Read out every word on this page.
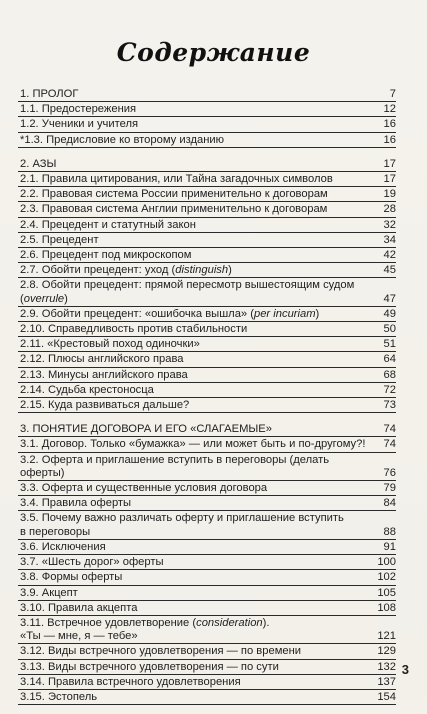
Содержание
1. ПРОЛОГ	7
1.1. Предостережения	12
1.2. Ученики и учителя	16
*1.3. Предисловие ко второму изданию	16
2. АЗЫ	17
2.1. Правила цитирования, или Тайна загадочных символов	17
2.2. Правовая система России применительно к договорам	19
2.3. Правовая система Англии применительно к договорам	28
2.4. Прецедент и статутный закон	32
2.5. Прецедент	34
2.6. Прецедент под микроскопом	42
2.7. Обойти прецедент: уход (distinguish)	45
2.8. Обойти прецедент: прямой пересмотр вышестоящим судом
(overrule)	47
2.9. Обойти прецедент: «ошибочка вышла» (per incuriam)	49
2.10. Справедливость против стабильности	50
2.11. «Крестовый поход одиночки»	51
2.12. Плюсы английского права	64
2.13. Минусы английского права	68
2.14. Судьба крестоносца	72
2.15. Куда развиваться дальше?	73
3. ПОНЯТИЕ ДОГОВОРА И ЕГО «СЛАГАЕМЫЕ»	74
3.1. Договор. Только «бумажка» — или может быть и по-другому?!	74
3.2. Оферта и приглашение вступить в переговоры (делать оферты)	76
3.3. Оферта и существенные условия договора	79
3.4. Правила оферты	84
3.5. Почему важно различать оферту и приглашение вступить
в переговоры	88
3.6. Исключения	91
3.7. «Шесть дорог» оферты	100
3.8. Формы оферты	102
3.9. Акцепт	105
3.10. Правила акцепта	108
3.11. Встречное удовлетворение (consideration).
«Ты — мне, я — тебе»	121
3.12. Виды встречного удовлетворения — по времени	129
3.13. Виды встречного удовлетворения — по сути	132
3.14. Правила встречного удовлетворения	137
3.15. Эстопель	154
3
